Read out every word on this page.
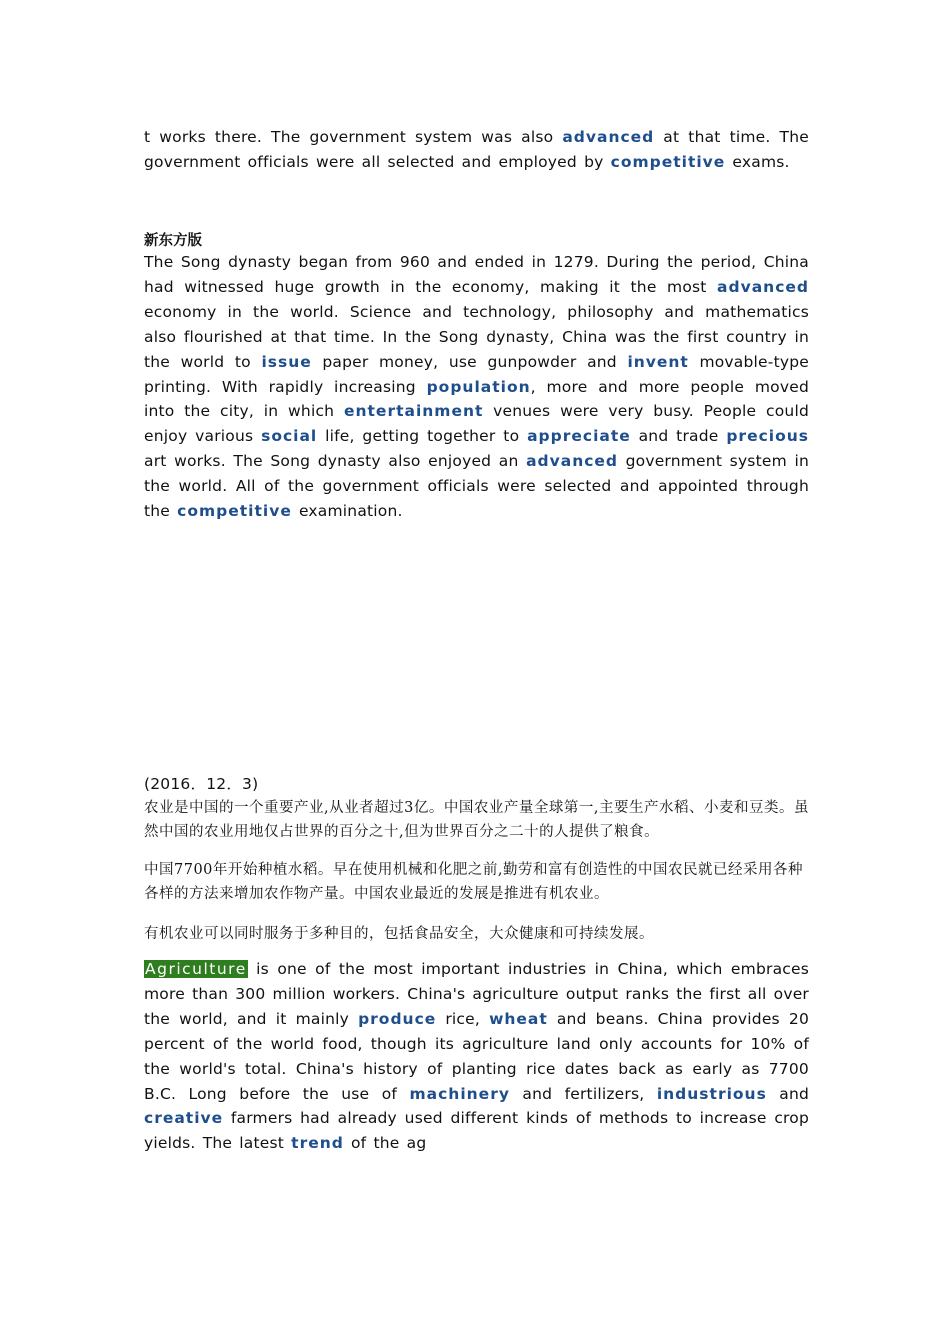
t works there. The government system was also advanced at that time. The government officials were all selected and employed by competitive exams.

新东方版

The Song dynasty began from 960 and ended in 1279. During the period, China had witnessed huge growth in the economy, making it the most advanced economy in the world. Science and technology, philosophy and mathematics also flourished at that time. In the Song dynasty, China was the first country in the world to issue paper money, use gunpowder and invent movable-type printing. With rapidly increasing population, more and more people moved into the city, in which entertainment venues were very busy. People could enjoy various social life, getting together to appreciate and trade precious art works. The Song dynasty also enjoyed an advanced government system in the world. All of the government officials were selected and appointed through the competitive examination.

(2016．12．3)

农业是中国的一个重要产业,从业者超过3亿。中国农业产量全球第一,主要生产水稻、小麦和豆类。虽然中国的农业用地仅占世界的百分之十,但为世界百分之二十的人提供了粮食。

中国7700年开始种植水稻。早在使用机械和化肥之前,勤劳和富有创造性的中国农民就已经采用各种各样的方法来增加农作物产量。中国农业最近的发展是推进有机农业。

有机农业可以同时服务于多种目的，包括食品安全，大众健康和可持续发展。

Agriculture is one of the most important industries in China, which embraces more than 300 million workers. China's agriculture output ranks the first all over the world, and it mainly produce rice, wheat and beans. China provides 20 percent of the world food, though its agriculture land only accounts for 10% of the world's total. China's history of planting rice dates back as early as 7700 B.C. Long before the use of machinery and fertilizers, industrious and creative farmers had already used different kinds of methods to increase crop yields. The latest trend of the ag
